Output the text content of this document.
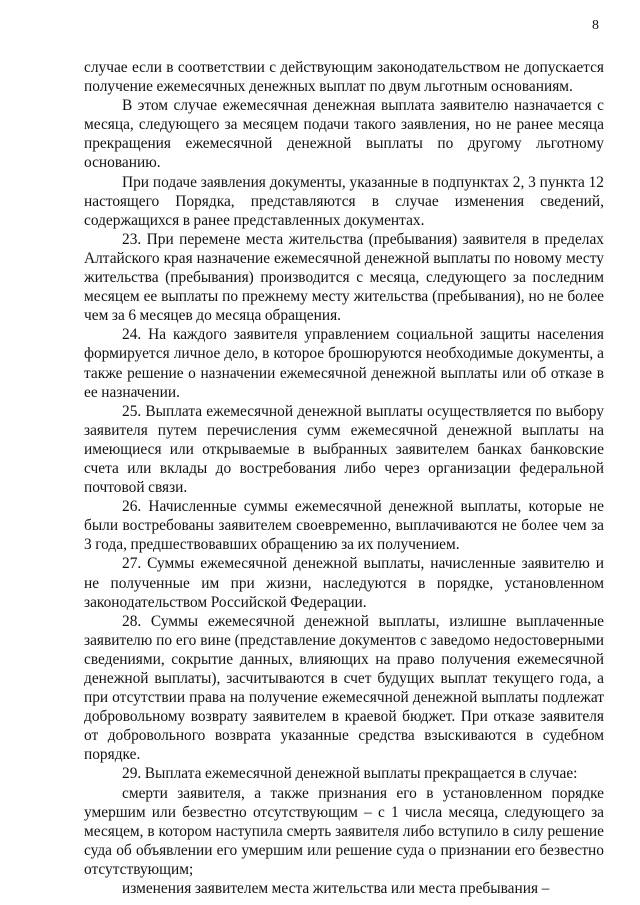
8

случае если в соответствии с действующим законодательством не допускается получение ежемесячных денежных выплат по двум льготным основаниям.

В этом случае ежемесячная денежная выплата заявителю назначается с месяца, следующего за месяцем подачи такого заявления, но не ранее месяца прекращения ежемесячной денежной выплаты по другому льготному основанию.

При подаче заявления документы, указанные в подпунктах 2, 3 пункта 12 настоящего Порядка, представляются в случае изменения сведений, содержащихся в ранее представленных документах.

23. При перемене места жительства (пребывания) заявителя в пределах Алтайского края назначение ежемесячной денежной выплаты по новому месту жительства (пребывания) производится с месяца, следующего за последним месяцем ее выплаты по прежнему месту жительства (пребывания), но не более чем за 6 месяцев до месяца обращения.

24. На каждого заявителя управлением социальной защиты населения формируется личное дело, в которое брошюруются необходимые документы, а также решение о назначении ежемесячной денежной выплаты или об отказе в ее назначении.

25. Выплата ежемесячной денежной выплаты осуществляется по выбору заявителя путем перечисления сумм ежемесячной денежной выплаты на имеющиеся или открываемые в выбранных заявителем банках банковские счета или вклады до востребования либо через организации федеральной почтовой связи.

26. Начисленные суммы ежемесячной денежной выплаты, которые не были востребованы заявителем своевременно, выплачиваются не более чем за 3 года, предшествовавших обращению за их получением.

27. Суммы ежемесячной денежной выплаты, начисленные заявителю и не полученные им при жизни, наследуются в порядке, установленном законодательством Российской Федерации.

28. Суммы ежемесячной денежной выплаты, излишне выплаченные заявителю по его вине (представление документов с заведомо недостоверными сведениями, сокрытие данных, влияющих на право получения ежемесячной денежной выплаты), засчитываются в счет будущих выплат текущего года, а при отсутствии права на получение ежемесячной денежной выплаты подлежат добровольному возврату заявителем в краевой бюджет. При отказе заявителя от добровольного возврата указанные средства взыскиваются в судебном порядке.

29. Выплата ежемесячной денежной выплаты прекращается в случае:

смерти заявителя, а также признания его в установленном порядке умершим или безвестно отсутствующим – с 1 числа месяца, следующего за месяцем, в котором наступила смерть заявителя либо вступило в силу решение суда об объявлении его умершим или решение суда о признании его безвестно отсутствующим;

изменения заявителем места жительства или места пребывания –
